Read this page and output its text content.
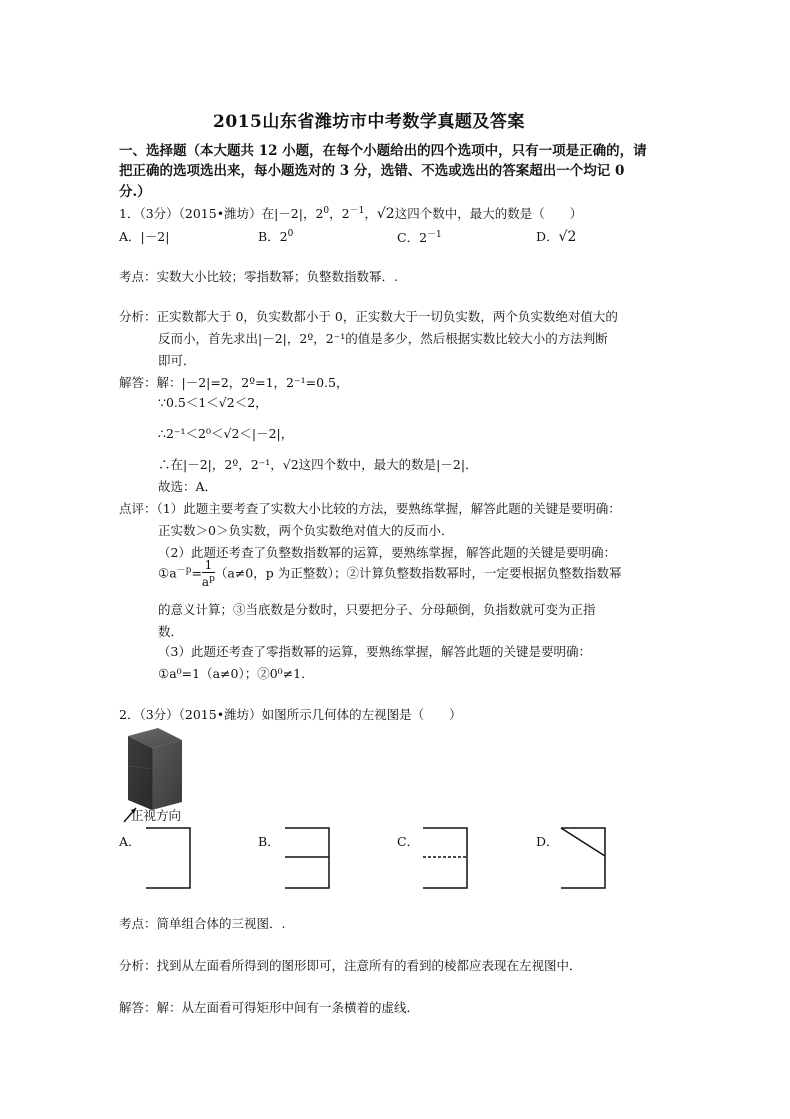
2015山东省潍坊市中考数学真题及答案
一、选择题（本大题共 12 小题，在每个小题给出的四个选项中，只有一项是正确的，请
把正确的选项选出来，每小题选对的 3 分，选错、不选或选出的答案超出一个均记 0
分.）
1．（3分）（2015•潍坊）在|－2|，$2^0$，$2^{-1}$，√2这四个数中，最大的数是（　　）
A．|－2|	B．$2^0$	C．$2^{-1}$	D．√2
考点：实数大小比较；零指数幂；负整数指数幂．.
分析：正实数都大于 0，负实数都小于 0，正实数大于一切负实数，两个负实数绝对值大的
反而小，首先求出|－2|，2º，2⁻¹的值是多少，然后根据实数比较大小的方法判断
即可．
解答：解：|－2|=2，2º=1，2⁻¹=0.5，
∵0.5＜1＜√2＜2，
∴2⁻¹＜2⁰＜√2＜|－2|，
∴在|－2|，2º，2⁻¹，√2这四个数中，最大的数是|－2|．
故选：A．
点评：（1）此题主要考查了实数大小比较的方法，要熟练掌握，解答此题的关键是要明确：
正实数＞0＞负实数，两个负实数绝对值大的反而小．
（2）此题还考查了负整数指数幂的运算，要熟练掌握，解答此题的关键是要明确：
$①a^{-p}= \frac{1}{a^p} (a\ne 0$，p 为正整数）；②计算负整数指数幂时，一定要根据负整数指数幂
的意义计算；③当底数是分数时，只要把分子、分母颠倒，负指数就可变为正指
数．
（3）此题还考查了零指数幂的运算，要熟练掌握，解答此题的关键是要明确：
①a⁰=1（a≠0）；②0⁰≠1．
2．（3分）（2015•潍坊）如图所示几何体的左视图是（　　）
正视方向
A．	B．	C．	D．
考点：简单组合体的三视图．.
分析：找到从左面看所得到的图形即可，注意所有的看到的棱都应表现在左视图中．
解答：解：从左面看可得矩形中间有一条横着的虚线．
